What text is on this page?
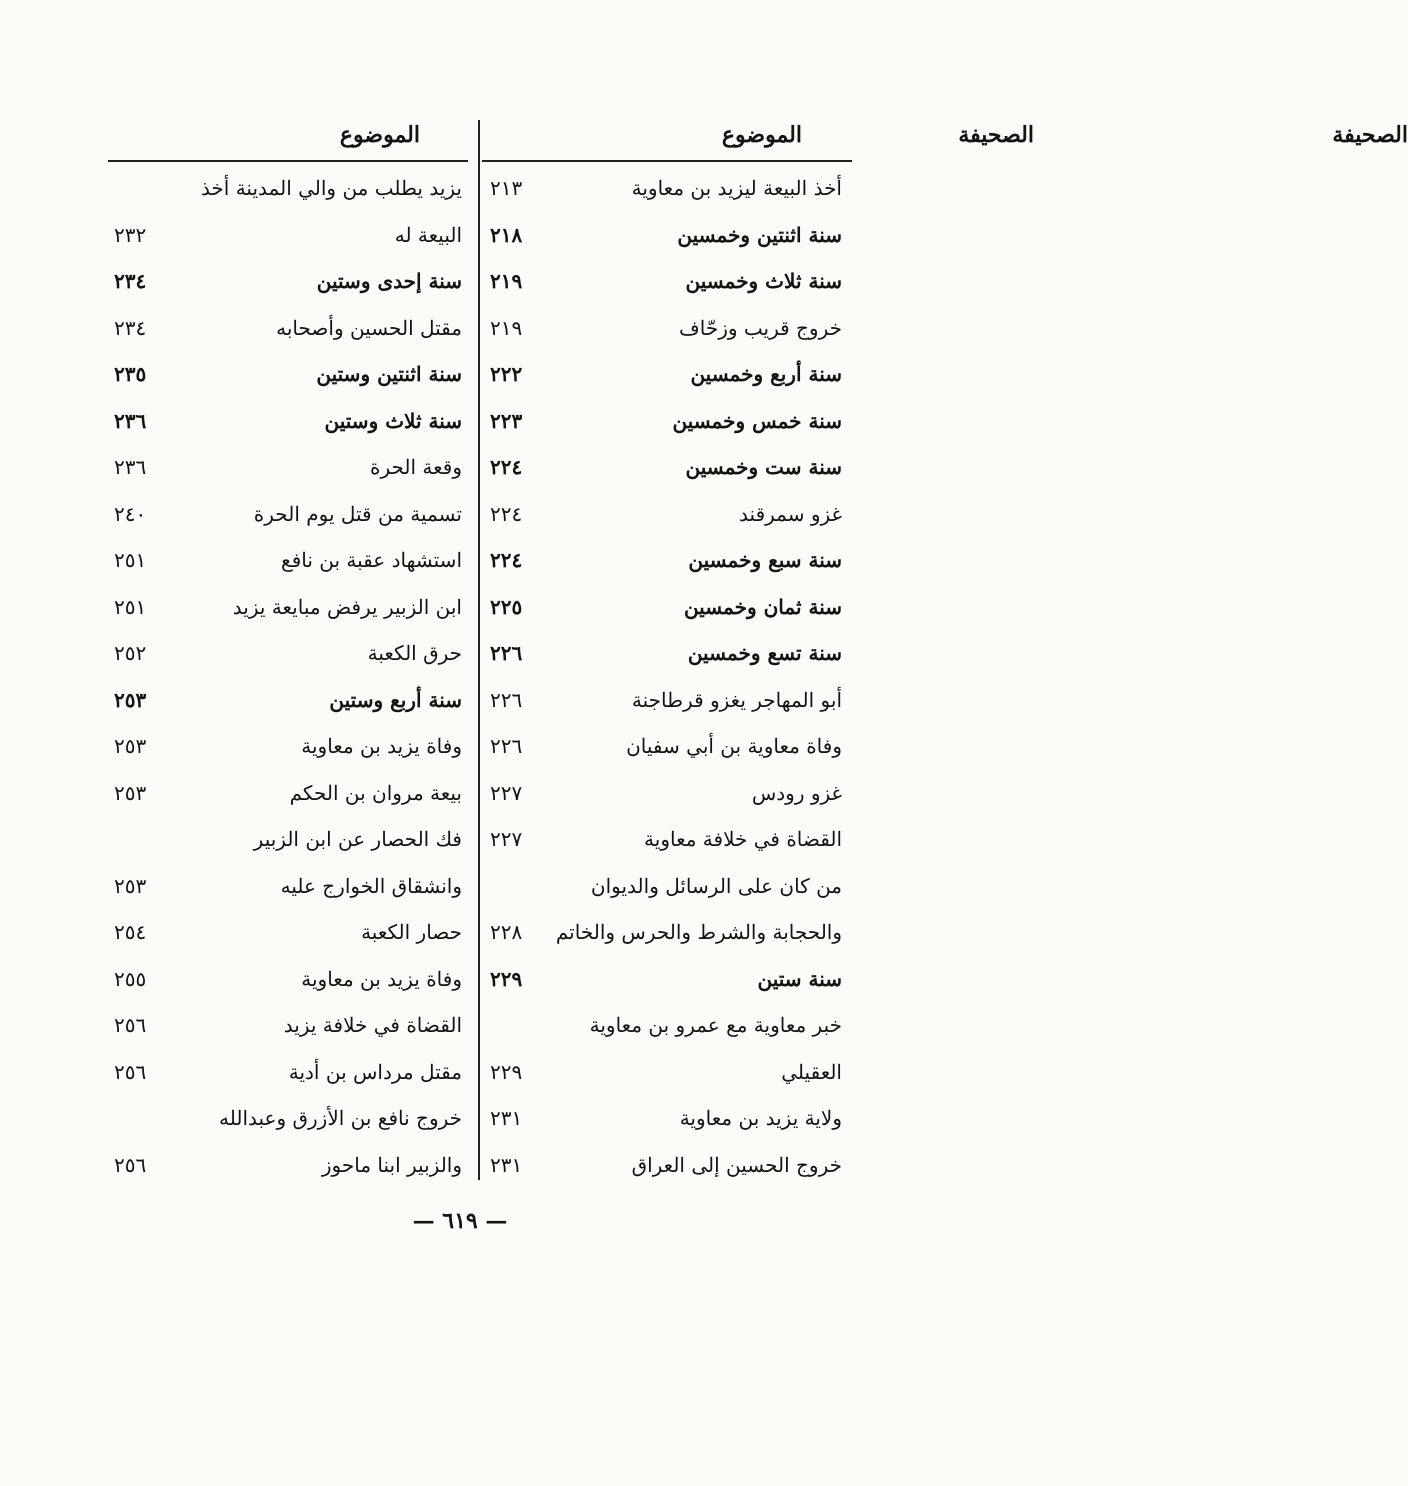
الموضوع	الصحيفة
أخذ البيعة ليزيد بن معاوية
٢١٣
سنة اثنتين وخمسين
٢١٨
سنة ثلاث وخمسين
٢١٩
خروج قريب وزحّاف
٢١٩
سنة أربع وخمسين
٢٢٢
سنة خمس وخمسين
٢٢٣
سنة ست وخمسين
٢٢٤
غزو سمرقند
٢٢٤
سنة سبع وخمسين
٢٢٤
سنة ثمان وخمسين
٢٢٥
سنة تسع وخمسين
٢٢٦
أبو المهاجر يغزو قرطاجنة
٢٢٦
وفاة معاوية بن أبي سفيان
٢٢٦
غزو رودس
٢٢٧
القضاة في خلافة معاوية
٢٢٧
من كان على الرسائل والديوان
والحجابة والشرط والحرس والخاتم
٢٢٨
سنة ستين
٢٢٩
خبر معاوية مع عمرو بن معاوية
العقيلي
٢٢٩
ولاية يزيد بن معاوية
٢٣١
خروج الحسين إلى العراق
٢٣١
الموضوع	الصحيفة
يزيد يطلب من والي المدينة أخذ
البيعة له
٢٣٢
سنة إحدى وستين
٢٣٤
مقتل الحسين وأصحابه
٢٣٤
سنة اثنتين وستين
٢٣٥
سنة ثلاث وستين
٢٣٦
وقعة الحرة
٢٣٦
تسمية من قتل يوم الحرة
٢٤٠
استشهاد عقبة بن نافع
٢٥١
ابن الزبير يرفض مبايعة يزيد
٢٥١
حرق الكعبة
٢٥٢
سنة أربع وستين
٢٥٣
وفاة يزيد بن معاوية
٢٥٣
بيعة مروان بن الحكم
٢٥٣
فك الحصار عن ابن الزبير
وانشقاق الخوارج عليه
٢٥٣
حصار الكعبة
٢٥٤
وفاة يزيد بن معاوية
٢٥٥
القضاة في خلافة يزيد
٢٥٦
مقتل مرداس بن أدية
٢٥٦
خروج نافع بن الأزرق وعبدالله
والزبير ابنا ماحوز
٢٥٦
— ٦١٩ —
